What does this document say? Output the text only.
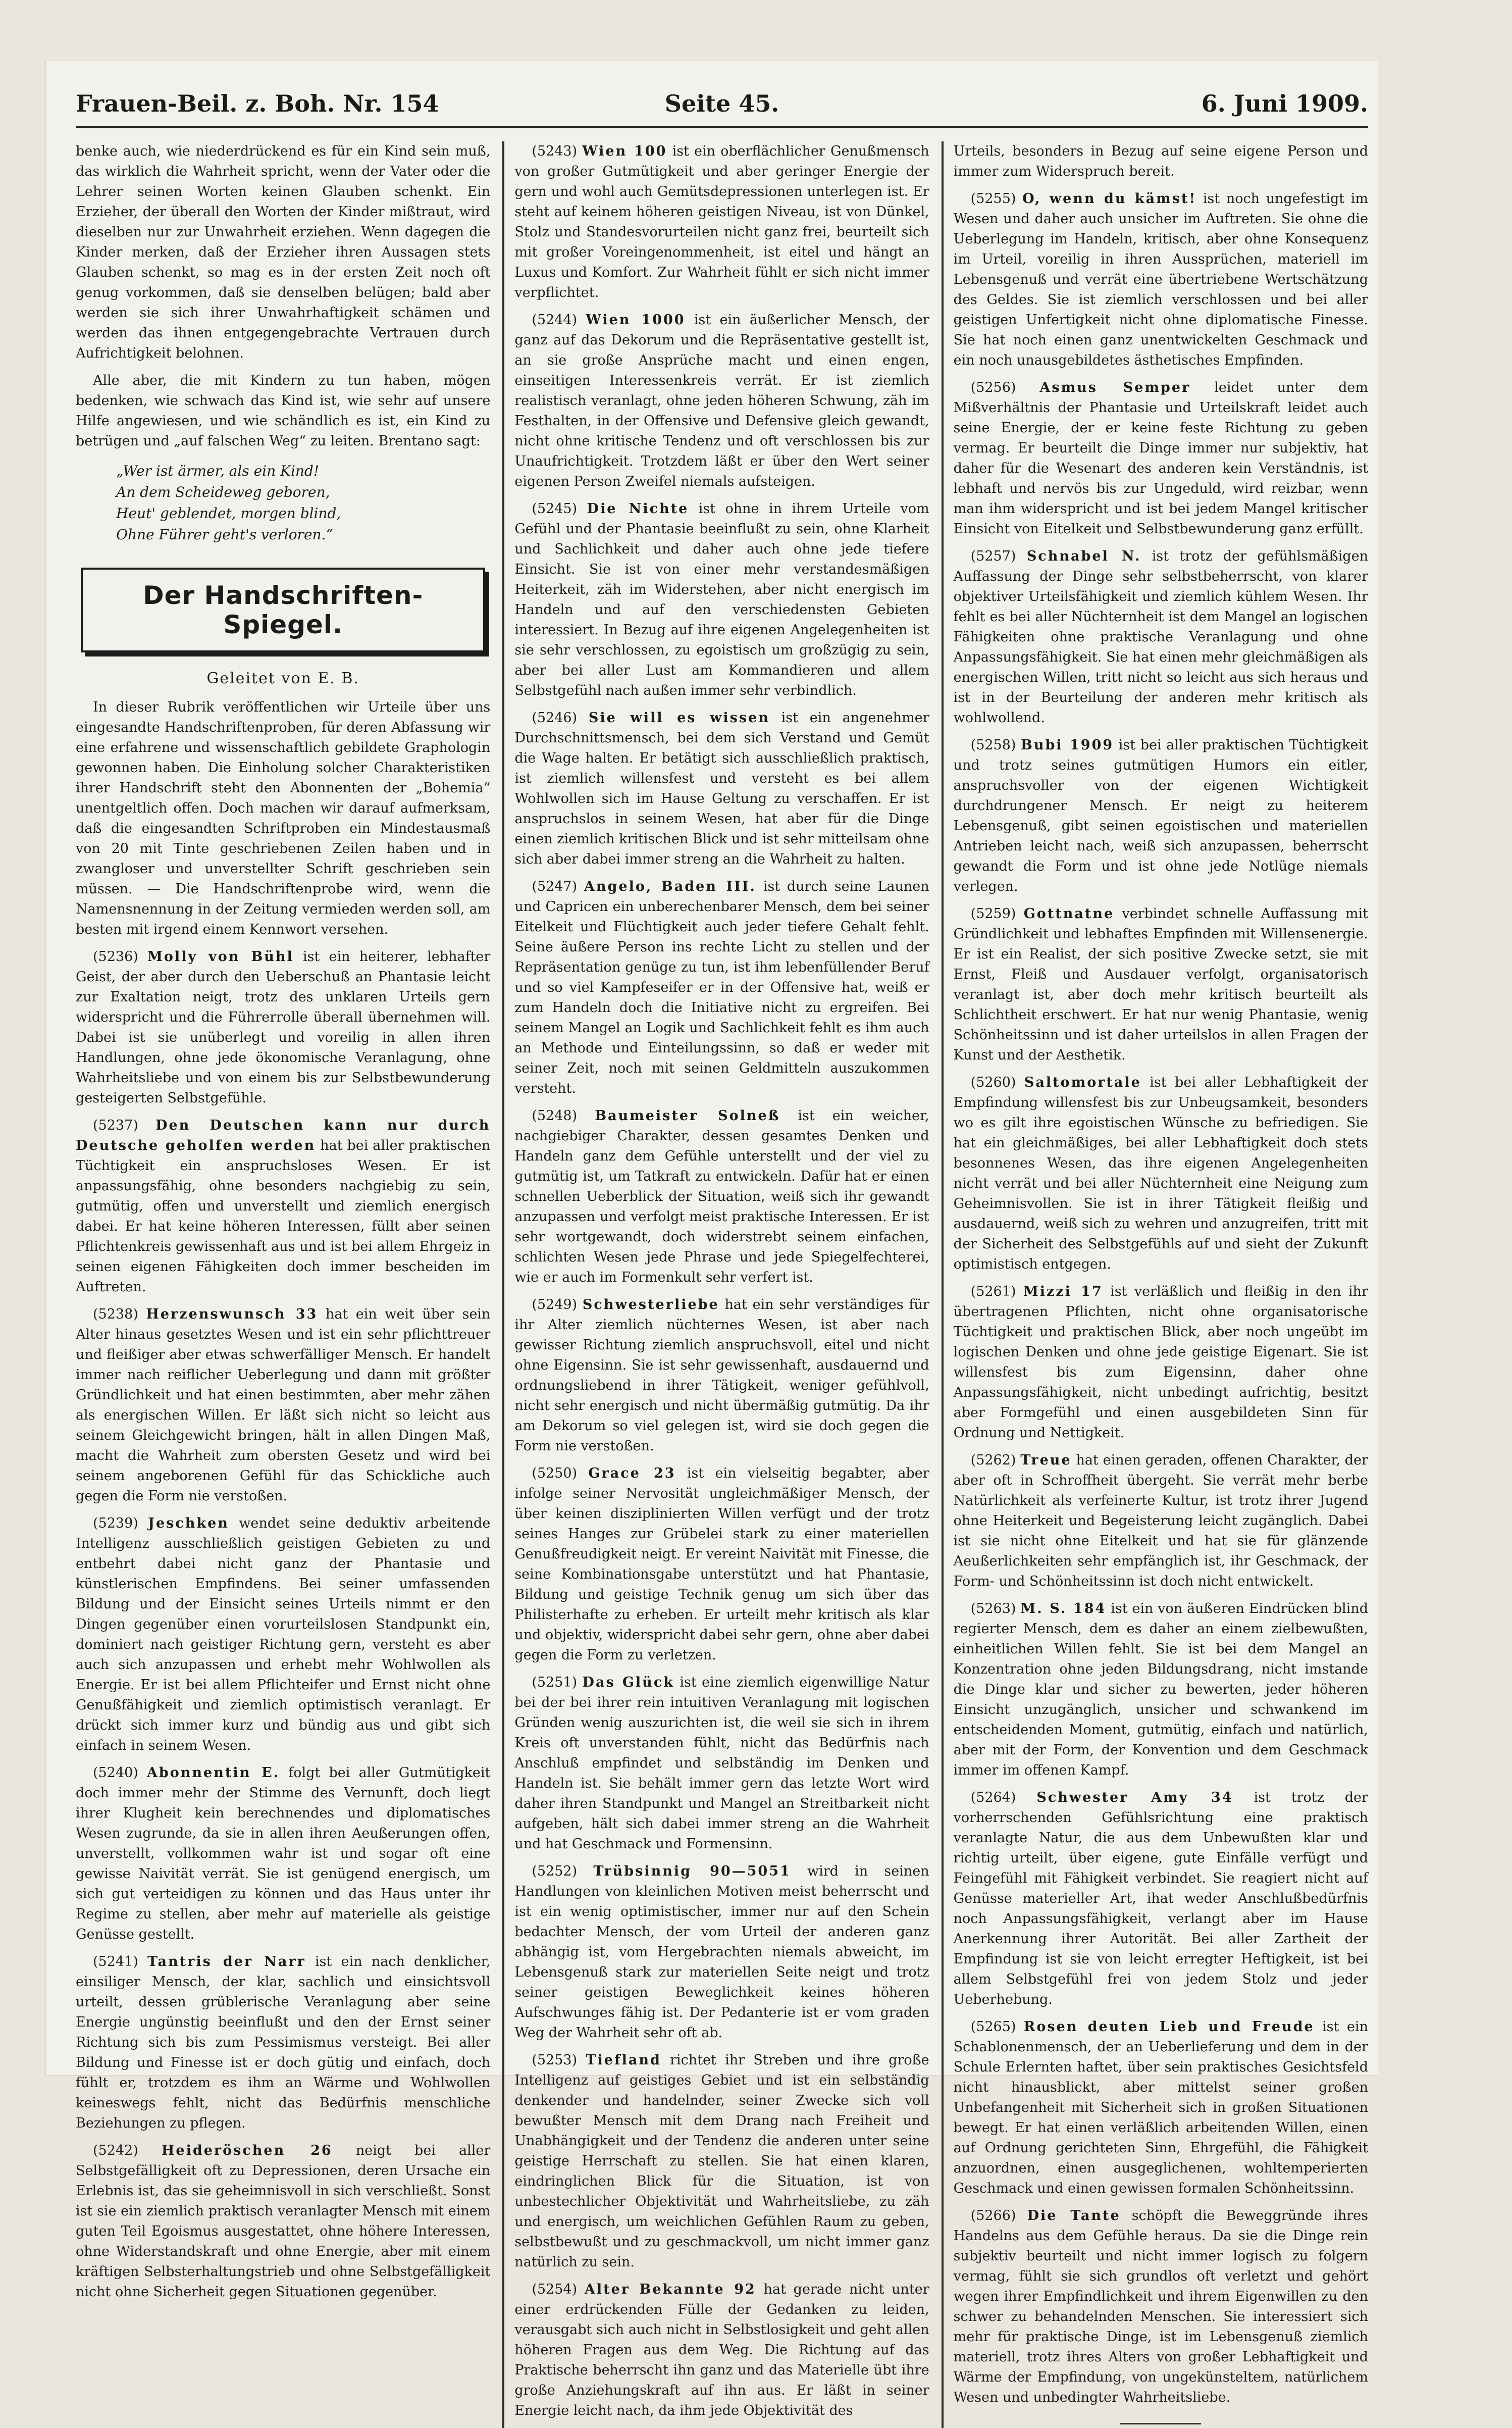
Frauen-Beil. z. Boh. Nr. 154	Seite 45.	6. Juni 1909.

benke auch, wie niederdrückend es für ein Kind sein muß, das wirklich die Wahrheit spricht, wenn der Vater oder die Lehrer seinen Worten keinen Glauben schenkt. Ein Erzieher, der überall den Worten der Kinder mißtraut, wird dieselben nur zur Unwahrheit erziehen. Wenn dagegen die Kinder merken, daß der Erzieher ihren Aussagen stets Glauben schenkt, so mag es in der ersten Zeit noch oft genug vorkommen, daß sie denselben belügen; bald aber werden sie sich ihrer Unwahrhaftigkeit schämen und werden das ihnen entgegengebrachte Vertrauen durch Aufrichtigkeit belohnen.

Alle aber, die mit Kindern zu tun haben, mögen bedenken, wie schwach das Kind ist, wie sehr auf unsere Hilfe angewiesen, und wie schändlich es ist, ein Kind zu betrügen und „auf falschen Weg“ zu leiten. Brentano sagt:

„Wer ist ärmer, als ein Kind!
An dem Scheideweg geboren,
Heut' geblendet, morgen blind,
Ohne Führer geht's verloren.“
Der Handschriften-Spiegel.
Geleitet von E. B.

In dieser Rubrik veröffentlichen wir Urteile über uns eingesandte Handschriftenproben, für deren Abfassung wir eine erfahrene und wissenschaftlich gebildete Graphologin gewonnen haben. Die Einholung solcher Charakteristiken ihrer Handschrift steht den Abonnenten der „Bohemia“ unentgeltlich offen. Doch machen wir darauf aufmerksam, daß die eingesandten Schriftproben ein Mindestausmaß von 20 mit Tinte geschriebenen Zeilen haben und in zwangloser und unverstellter Schrift geschrieben sein müssen. — Die Handschriftenprobe wird, wenn die Namensnennung in der Zeitung vermieden werden soll, am besten mit irgend einem Kennwort versehen.

(5236) Molly von Bühl ist ein heiterer, lebhafter Geist, der aber durch den Ueberschuß an Phantasie leicht zur Exaltation neigt, trotz des unklaren Urteils gern widerspricht und die Führerrolle überall übernehmen will. Dabei ist sie unüberlegt und voreilig in allen ihren Handlungen, ohne jede ökonomische Veranlagung, ohne Wahrheitsliebe und von einem bis zur Selbstbewunderung gesteigerten Selbstgefühle.

(5237) Den Deutschen kann nur durch Deutsche geholfen werden hat bei aller praktischen Tüchtigkeit ein anspruchsloses Wesen. Er ist anpassungsfähig, ohne besonders nachgiebig zu sein, gutmütig, offen und unverstellt und ziemlich energisch dabei. Er hat keine höheren Interessen, füllt aber seinen Pflichtenkreis gewissenhaft aus und ist bei allem Ehrgeiz in seinen eigenen Fähigkeiten doch immer bescheiden im Auftreten.

(5238) Herzenswunsch 33 hat ein weit über sein Alter hinaus gesetztes Wesen und ist ein sehr pflichttreuer und fleißiger aber etwas schwerfälliger Mensch. Er handelt immer nach reiflicher Ueberlegung und dann mit größter Gründlichkeit und hat einen bestimmten, aber mehr zähen als energischen Willen. Er läßt sich nicht so leicht aus seinem Gleichgewicht bringen, hält in allen Dingen Maß, macht die Wahrheit zum obersten Gesetz und wird bei seinem angeborenen Gefühl für das Schickliche auch gegen die Form nie verstoßen.

(5239) Jeschken wendet seine deduktiv arbeitende Intelligenz ausschließlich geistigen Gebieten zu und entbehrt dabei nicht ganz der Phantasie und künstlerischen Empfindens. Bei seiner umfassenden Bildung und der Einsicht seines Urteils nimmt er den Dingen gegenüber einen vorurteilslosen Standpunkt ein, dominiert nach geistiger Richtung gern, versteht es aber auch sich anzupassen und erhebt mehr Wohlwollen als Energie. Er ist bei allem Pflichteifer und Ernst nicht ohne Genußfähigkeit und ziemlich optimistisch veranlagt. Er drückt sich immer kurz und bündig aus und gibt sich einfach in seinem Wesen.

(5240) Abonnentin E. folgt bei aller Gutmütigkeit doch immer mehr der Stimme des Vernunft, doch liegt ihrer Klugheit kein berechnendes und diplomatisches Wesen zugrunde, da sie in allen ihren Aeußerungen offen, unverstellt, vollkommen wahr ist und sogar oft eine gewisse Naivität verrät. Sie ist genügend energisch, um sich gut verteidigen zu können und das Haus unter ihr Regime zu stellen, aber mehr auf materielle als geistige Genüsse gestellt.

(5241) Tantris der Narr ist ein nach denklicher, einsiliger Mensch, der klar, sachlich und einsichtsvoll urteilt, dessen grüblerische Veranlagung aber seine Energie ungünstig beeinflußt und den der Ernst seiner Richtung sich bis zum Pessimismus versteigt. Bei aller Bildung und Finesse ist er doch gütig und einfach, doch fühlt er, trotzdem es ihm an Wärme und Wohlwollen keineswegs fehlt, nicht das Bedürfnis menschliche Beziehungen zu pflegen.

(5242) Heideröschen 26 neigt bei aller Selbstgefälligkeit oft zu Depressionen, deren Ursache ein Erlebnis ist, das sie geheimnisvoll in sich verschließt. Sonst ist sie ein ziemlich praktisch veranlagter Mensch mit einem guten Teil Egoismus ausgestattet, ohne höhere Interessen, ohne Widerstandskraft und ohne Energie, aber mit einem kräftigen Selbsterhaltungstrieb und ohne Selbstgefälligkeit nicht ohne Sicherheit gegen Situationen gegenüber.

(5243) Wien 100 ist ein oberflächlicher Genußmensch von großer Gutmütigkeit und aber geringer Energie der gern und wohl auch Gemütsdepressionen unterlegen ist. Er steht auf keinem höheren geistigen Niveau, ist von Dünkel, Stolz und Standesvorurteilen nicht ganz frei, beurteilt sich mit großer Voreingenommenheit, ist eitel und hängt an Luxus und Komfort. Zur Wahrheit fühlt er sich nicht immer verpflichtet.

(5244) Wien 1000 ist ein äußerlicher Mensch, der ganz auf das Dekorum und die Repräsentative gestellt ist, an sie große Ansprüche macht und einen engen, einseitigen Interessenkreis verrät. Er ist ziemlich realistisch veranlagt, ohne jeden höheren Schwung, zäh im Festhalten, in der Offensive und Defensive gleich gewandt, nicht ohne kritische Tendenz und oft verschlossen bis zur Unaufrichtigkeit. Trotzdem läßt er über den Wert seiner eigenen Person Zweifel niemals aufsteigen.

(5245) Die Nichte ist ohne in ihrem Urteile vom Gefühl und der Phantasie beeinflußt zu sein, ohne Klarheit und Sachlichkeit und daher auch ohne jede tiefere Einsicht. Sie ist von einer mehr verstandesmäßigen Heiterkeit, zäh im Widerstehen, aber nicht energisch im Handeln und auf den verschiedensten Gebieten interessiert. In Bezug auf ihre eigenen Angelegenheiten ist sie sehr verschlossen, zu egoistisch um großzügig zu sein, aber bei aller Lust am Kommandieren und allem Selbstgefühl nach außen immer sehr verbindlich.

(5246) Sie will es wissen ist ein angenehmer Durchschnittsmensch, bei dem sich Verstand und Gemüt die Wage halten. Er betätigt sich ausschließlich praktisch, ist ziemlich willensfest und versteht es bei allem Wohlwollen sich im Hause Geltung zu verschaffen. Er ist anspruchslos in seinem Wesen, hat aber für die Dinge einen ziemlich kritischen Blick und ist sehr mitteilsam ohne sich aber dabei immer streng an die Wahrheit zu halten.

(5247) Angelo, Baden III. ist durch seine Launen und Capricen ein unberechenbarer Mensch, dem bei seiner Eitelkeit und Flüchtigkeit auch jeder tiefere Gehalt fehlt. Seine äußere Person ins rechte Licht zu stellen und der Repräsentation genüge zu tun, ist ihm lebenfüllender Beruf und so viel Kampfeseifer er in der Offensive hat, weiß er zum Handeln doch die Initiative nicht zu ergreifen. Bei seinem Mangel an Logik und Sachlichkeit fehlt es ihm auch an Methode und Einteilungssinn, so daß er weder mit seiner Zeit, noch mit seinen Geldmitteln auszukommen versteht.

(5248) Baumeister Solneß ist ein weicher, nachgiebiger Charakter, dessen gesamtes Denken und Handeln ganz dem Gefühle unterstellt und der viel zu gutmütig ist, um Tatkraft zu entwickeln. Dafür hat er einen schnellen Ueberblick der Situation, weiß sich ihr gewandt anzupassen und verfolgt meist praktische Interessen. Er ist sehr wortgewandt, doch widerstrebt seinem einfachen, schlichten Wesen jede Phrase und jede Spiegelfechterei, wie er auch im Formenkult sehr verfert ist.

(5249) Schwesterliebe hat ein sehr verständiges für ihr Alter ziemlich nüchternes Wesen, ist aber nach gewisser Richtung ziemlich anspruchsvoll, eitel und nicht ohne Eigensinn. Sie ist sehr gewissenhaft, ausdauernd und ordnungsliebend in ihrer Tätigkeit, weniger gefühlvoll, nicht sehr energisch und nicht übermäßig gutmütig. Da ihr am Dekorum so viel gelegen ist, wird sie doch gegen die Form nie verstoßen.

(5250) Grace 23 ist ein vielseitig begabter, aber infolge seiner Nervosität ungleichmäßiger Mensch, der über keinen disziplinierten Willen verfügt und der trotz seines Hanges zur Grübelei stark zu einer materiellen Genußfreudigkeit neigt. Er vereint Naivität mit Finesse, die seine Kombinationsgabe unterstützt und hat Phantasie, Bildung und geistige Technik genug um sich über das Philisterhafte zu erheben. Er urteilt mehr kritisch als klar und objektiv, widerspricht dabei sehr gern, ohne aber dabei gegen die Form zu verletzen.

(5251) Das Glück ist eine ziemlich eigenwillige Natur bei der bei ihrer rein intuitiven Veranlagung mit logischen Gründen wenig auszurichten ist, die weil sie sich in ihrem Kreis oft unverstanden fühlt, nicht das Bedürfnis nach Anschluß empfindet und selbständig im Denken und Handeln ist. Sie behält immer gern das letzte Wort wird daher ihren Standpunkt und Mangel an Streitbarkeit nicht aufgeben, hält sich dabei immer streng an die Wahrheit und hat Geschmack und Formensinn.

(5252) Trübsinnig 90—5051 wird in seinen Handlungen von kleinlichen Motiven meist beherrscht und ist ein wenig optimistischer, immer nur auf den Schein bedachter Mensch, der vom Urteil der anderen ganz abhängig ist, vom Hergebrachten niemals abweicht, im Lebensgenuß stark zur materiellen Seite neigt und trotz seiner geistigen Beweglichkeit keines höheren Aufschwunges fähig ist. Der Pedanterie ist er vom graden Weg der Wahrheit sehr oft ab.

(5253) Tiefland richtet ihr Streben und ihre große Intelligenz auf geistiges Gebiet und ist ein selbständig denkender und handelnder, seiner Zwecke sich voll bewußter Mensch mit dem Drang nach Freiheit und Unabhängigkeit und der Tendenz die anderen unter seine geistige Herrschaft zu stellen. Sie hat einen klaren, eindringlichen Blick für die Situation, ist von unbestechlicher Objektivität und Wahrheitsliebe, zu zäh und energisch, um weichlichen Gefühlen Raum zu geben, selbstbewußt und zu geschmackvoll, um nicht immer ganz natürlich zu sein.

(5254) Alter Bekannte 92 hat gerade nicht unter einer erdrückenden Fülle der Gedanken zu leiden, verausgabt sich auch nicht in Selbstlosigkeit und geht allen höheren Fragen aus dem Weg. Die Richtung auf das Praktische beherrscht ihn ganz und das Materielle übt ihre große Anziehungskraft auf ihn aus. Er läßt in seiner Energie leicht nach, da ihm jede Objektivität des

Urteils, besonders in Bezug auf seine eigene Person und immer zum Widerspruch bereit.

(5255) O, wenn du kämst! ist noch ungefestigt im Wesen und daher auch unsicher im Auftreten. Sie ohne die Ueberlegung im Handeln, kritisch, aber ohne Konsequenz im Urteil, voreilig in ihren Aussprüchen, materiell im Lebensgenuß und verrät eine übertriebene Wertschätzung des Geldes. Sie ist ziemlich verschlossen und bei aller geistigen Unfertigkeit nicht ohne diplomatische Finesse. Sie hat noch einen ganz unentwickelten Geschmack und ein noch unausgebildetes ästhetisches Empfinden.

(5256) Asmus Semper leidet unter dem Mißverhältnis der Phantasie und Urteilskraft leidet auch seine Energie, der er keine feste Richtung zu geben vermag. Er beurteilt die Dinge immer nur subjektiv, hat daher für die Wesenart des anderen kein Verständnis, ist lebhaft und nervös bis zur Ungeduld, wird reizbar, wenn man ihm widerspricht und ist bei jedem Mangel kritischer Einsicht von Eitelkeit und Selbstbewunderung ganz erfüllt.

(5257) Schnabel N. ist trotz der gefühlsmäßigen Auffassung der Dinge sehr selbstbeherrscht, von klarer objektiver Urteilsfähigkeit und ziemlich kühlem Wesen. Ihr fehlt es bei aller Nüchternheit ist dem Mangel an logischen Fähigkeiten ohne praktische Veranlagung und ohne Anpassungsfähigkeit. Sie hat einen mehr gleichmäßigen als energischen Willen, tritt nicht so leicht aus sich heraus und ist in der Beurteilung der anderen mehr kritisch als wohlwollend.

(5258) Bubi 1909 ist bei aller praktischen Tüchtigkeit und trotz seines gutmütigen Humors ein eitler, anspruchsvoller von der eigenen Wichtigkeit durchdrungener Mensch. Er neigt zu heiterem Lebensgenuß, gibt seinen egoistischen und materiellen Antrieben leicht nach, weiß sich anzupassen, beherrscht gewandt die Form und ist ohne jede Notlüge niemals verlegen.

(5259) Gottnatne verbindet schnelle Auffassung mit Gründlichkeit und lebhaftes Empfinden mit Willensenergie. Er ist ein Realist, der sich positive Zwecke setzt, sie mit Ernst, Fleiß und Ausdauer verfolgt, organisatorisch veranlagt ist, aber doch mehr kritisch beurteilt als Schlichtheit erschwert. Er hat nur wenig Phantasie, wenig Schönheitssinn und ist daher urteilslos in allen Fragen der Kunst und der Aesthetik.

(5260) Saltomortale ist bei aller Lebhaftigkeit der Empfindung willensfest bis zur Unbeugsamkeit, besonders wo es gilt ihre egoistischen Wünsche zu befriedigen. Sie hat ein gleichmäßiges, bei aller Lebhaftigkeit doch stets besonnenes Wesen, das ihre eigenen Angelegenheiten nicht verrät und bei aller Nüchternheit eine Neigung zum Geheimnisvollen. Sie ist in ihrer Tätigkeit fleißig und ausdauernd, weiß sich zu wehren und anzugreifen, tritt mit der Sicherheit des Selbstgefühls auf und sieht der Zukunft optimistisch entgegen.

(5261) Mizzi 17 ist verläßlich und fleißig in den ihr übertragenen Pflichten, nicht ohne organisatorische Tüchtigkeit und praktischen Blick, aber noch ungeübt im logischen Denken und ohne jede geistige Eigenart. Sie ist willensfest bis zum Eigensinn, daher ohne Anpassungsfähigkeit, nicht unbedingt aufrichtig, besitzt aber Formgefühl und einen ausgebildeten Sinn für Ordnung und Nettigkeit.

(5262) Treue hat einen geraden, offenen Charakter, der aber oft in Schroffheit übergeht. Sie verrät mehr berbe Natürlichkeit als verfeinerte Kultur, ist trotz ihrer Jugend ohne Heiterkeit und Begeisterung leicht zugänglich. Dabei ist sie nicht ohne Eitelkeit und hat sie für glänzende Aeußerlichkeiten sehr empfänglich ist, ihr Geschmack, der Form- und Schönheitssinn ist doch nicht entwickelt.

(5263) M. S. 184 ist ein von äußeren Eindrücken blind regierter Mensch, dem es daher an einem zielbewußten, einheitlichen Willen fehlt. Sie ist bei dem Mangel an Konzentration ohne jeden Bildungsdrang, nicht imstande die Dinge klar und sicher zu bewerten, jeder höheren Einsicht unzugänglich, unsicher und schwankend im entscheidenden Moment, gutmütig, einfach und natürlich, aber mit der Form, der Konvention und dem Geschmack immer im offenen Kampf.

(5264) Schwester Amy 34 ist trotz der vorherrschenden Gefühlsrichtung eine praktisch veranlagte Natur, die aus dem Unbewußten klar und richtig urteilt, über eigene, gute Einfälle verfügt und Feingefühl mit Fähigkeit verbindet. Sie reagiert nicht auf Genüsse materieller Art, ihat weder Anschlußbedürfnis noch Anpassungsfähigkeit, verlangt aber im Hause Anerkennung ihrer Autorität. Bei aller Zartheit der Empfindung ist sie von leicht erregter Heftigkeit, ist bei allem Selbstgefühl frei von jedem Stolz und jeder Ueberhebung.

(5265) Rosen deuten Lieb und Freude ist ein Schablonenmensch, der an Ueberlieferung und dem in der Schule Erlernten haftet, über sein praktisches Gesichtsfeld nicht hinausblickt, aber mittelst seiner großen Unbefangenheit mit Sicherheit sich in großen Situationen bewegt. Er hat einen verläßlich arbeitenden Willen, einen auf Ordnung gerichteten Sinn, Ehrgefühl, die Fähigkeit anzuordnen, einen ausgeglichenen, wohltemperierten Geschmack und einen gewissen formalen Schönheitssinn.

(5266) Die Tante schöpft die Beweggründe ihres Handelns aus dem Gefühle heraus. Da sie die Dinge rein subjektiv beurteilt und nicht immer logisch zu folgern vermag, fühlt sie sich grundlos oft verletzt und gehört wegen ihrer Empfindlichkeit und ihrem Eigenwillen zu den schwer zu behandelnden Menschen. Sie interessiert sich mehr für praktische Dinge, ist im Lebensgenuß ziemlich materiell, trotz ihres Alters von großer Lebhaftigkeit und Wärme der Empfindung, von ungekünsteltem, natürlichem Wesen und unbedingter Wahrheitsliebe.
